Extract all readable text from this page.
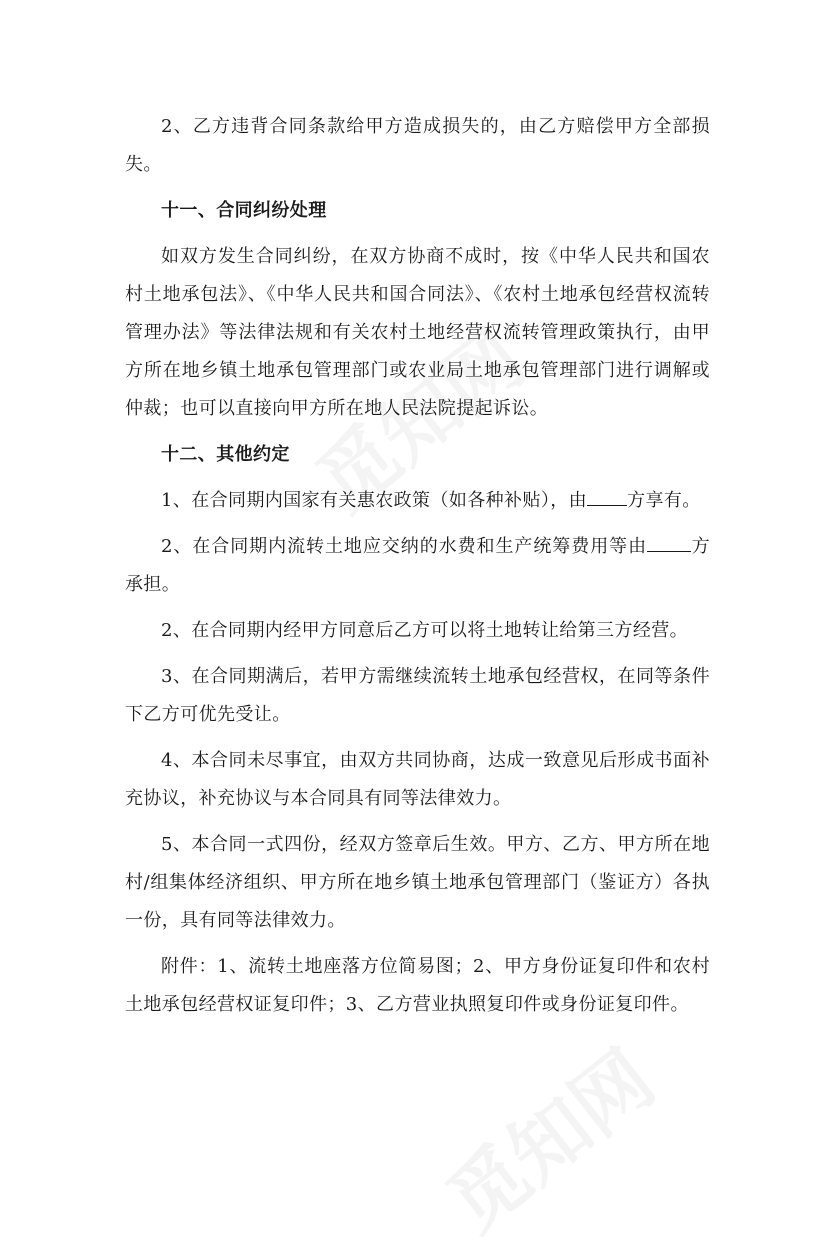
2、乙方违背合同条款给甲方造成损失的，由乙方赔偿甲方全部损失。

十一、合同纠纷处理

如双方发生合同纠纷，在双方协商不成时，按《中华人民共和国农村土地承包法》、《中华人民共和国合同法》、《农村土地承包经营权流转管理办法》等法律法规和有关农村土地经营权流转管理政策执行，由甲方所在地乡镇土地承包管理部门或农业局土地承包管理部门进行调解或仲裁；也可以直接向甲方所在地人民法院提起诉讼。

十二、其他约定

1、在合同期内国家有关惠农政策（如各种补贴），由 方享有。

2、在合同期内流转土地应交纳的水费和生产统筹费用等由 方承担。

2、在合同期内经甲方同意后乙方可以将土地转让给第三方经营。

3、在合同期满后，若甲方需继续流转土地承包经营权，在同等条件下乙方可优先受让。

4、本合同未尽事宜，由双方共同协商，达成一致意见后形成书面补充协议，补充协议与本合同具有同等法律效力。

5、本合同一式四份，经双方签章后生效。甲方、乙方、甲方所在地村/组集体经济组织、甲方所在地乡镇土地承包管理部门（鉴证方）各执一份，具有同等法律效力。

附件：1、流转土地座落方位简易图；2、甲方身份证复印件和农村土地承包经营权证复印件；3、乙方营业执照复印件或身份证复印件。
